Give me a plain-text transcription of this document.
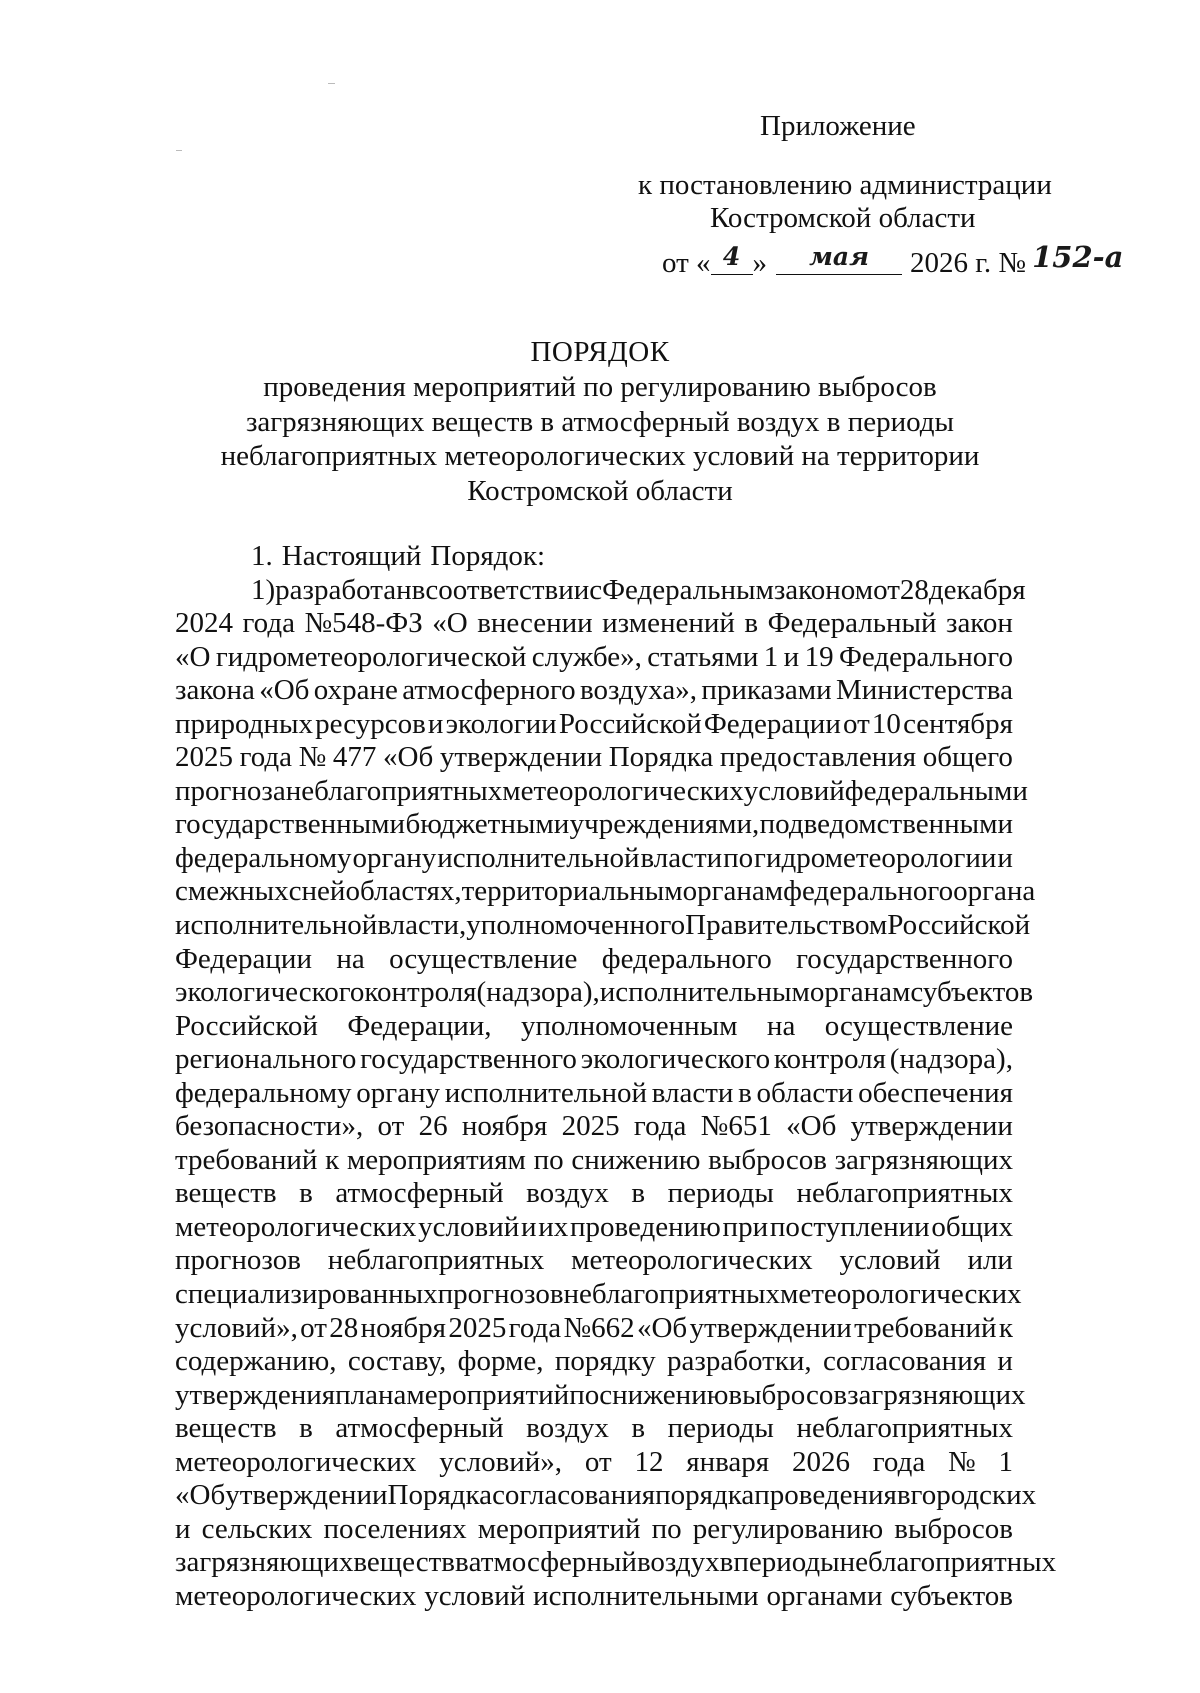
Приложение
к постановлению администрации
Костромской области
от « 4 »	мая	2026 г. № 152-а
ПОРЯДОК
проведения мероприятий по регулированию выбросов
загрязняющих веществ в атмосферный воздух в периоды
неблагоприятных метеорологических условий на территории
Костромской области
1. Настоящий Порядок:
1) разработан в соответствии с Федеральным законом от 28 декабря
2024 года №548-ФЗ «О внесении изменений в Федеральный закон
«О гидрометеорологической службе», статьями 1 и 19 Федерального
закона «Об охране атмосферного воздуха», приказами Министерства
природных ресурсов и экологии Российской Федерации от 10 сентября
2025 года № 477 «Об утверждении Порядка предоставления общего
прогноза неблагоприятных метеорологических условий федеральными
государственными бюджетными учреждениями, подведомственными
федеральному органу исполнительной власти по гидрометеорологии и
смежных с ней областях, территориальным органам федерального органа
исполнительной власти, уполномоченного Правительством Российской
Федерации на осуществление федерального государственного
экологического контроля (надзора), исполнительным органам субъектов
Российской Федерации, уполномоченным на осуществление
регионального государственного экологического контроля (надзора),
федеральному органу исполнительной власти в области обеспечения
безопасности», от 26 ноября 2025 года №651 «Об утверждении
требований к мероприятиям по снижению выбросов загрязняющих
веществ в атмосферный воздух в периоды неблагоприятных
метеорологических условий и их проведению при поступлении общих
прогнозов неблагоприятных метеорологических условий или
специализированных прогнозов неблагоприятных метеорологических
условий», от 28 ноября 2025 года №662 «Об утверждении требований к
содержанию, составу, форме, порядку разработки, согласования и
утверждения плана мероприятий по снижению выбросов загрязняющих
веществ в атмосферный воздух в периоды неблагоприятных
метеорологических условий», от 12 января 2026 года № 1
«Об утверждении Порядка согласования порядка проведения в городских
и сельских поселениях мероприятий по регулированию выбросов
загрязняющих веществ в атмосферный воздух в периоды неблагоприятных
метеорологических условий исполнительными органами субъектов
